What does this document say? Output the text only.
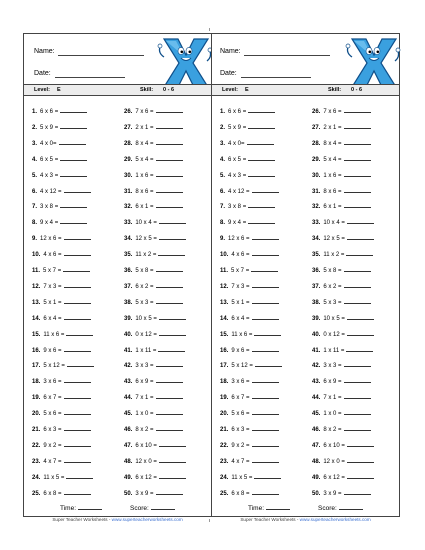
Name:
Date:
Level: E	Skill: 0 - 6
1. 6 x 6 =
2. 5 x 9 =
3. 4 x 0=
4. 6 x 5 =
5. 4 x 3 =
6. 4 x 12 =
7. 3 x 8 =
8. 9 x 4 =
9. 12 x 6 =
10. 4 x 6 =
11. 5 x 7 =
12. 7 x 3 =
13. 5 x 1 =
14. 6 x 4 =
15. 11 x 6 =
16. 9 x 6 =
17. 5 x 12 =
18. 3 x 6 =
19. 6 x 7 =
20. 5 x 6 =
21. 6 x 3 =
22. 9 x 2 =
23. 4 x 7 =
24. 11 x 5 =
25. 6 x 8 =
26. 7 x 6 =
27. 2 x 1 =
28. 8 x 4 =
29. 5 x 4 =
30. 1 x 6 =
31. 8 x 6 =
32. 6 x 1 =
33. 10 x 4 =
34. 12 x 5 =
35. 11 x 2 =
36. 5 x 8 =
37. 6 x 2 =
38. 5 x 3 =
39. 10 x 5 =
40. 0 x 12 =
41. 1 x 11 =
42. 3 x 3 =
43. 6 x 9 =
44. 7 x 1 =
45. 1 x 0 =
46. 8 x 2 =
47. 6 x 10 =
48. 12 x 0 =
49. 6 x 12 =
50. 3 x 9 =
Time:	Score:
Name:
Date:
Level: E	Skill: 0 - 6
1. 6 x 6 =
2. 5 x 9 =
3. 4 x 0=
4. 6 x 5 =
5. 4 x 3 =
6. 4 x 12 =
7. 3 x 8 =
8. 9 x 4 =
9. 12 x 6 =
10. 4 x 6 =
11. 5 x 7 =
12. 7 x 3 =
13. 5 x 1 =
14. 6 x 4 =
15. 11 x 6 =
16. 9 x 6 =
17. 5 x 12 =
18. 3 x 6 =
19. 6 x 7 =
20. 5 x 6 =
21. 6 x 3 =
22. 9 x 2 =
23. 4 x 7 =
24. 11 x 5 =
25. 6 x 8 =
26. 7 x 6 =
27. 2 x 1 =
28. 8 x 4 =
29. 5 x 4 =
30. 1 x 6 =
31. 8 x 6 =
32. 6 x 1 =
33. 10 x 4 =
34. 12 x 5 =
35. 11 x 2 =
36. 5 x 8 =
37. 6 x 2 =
38. 5 x 3 =
39. 10 x 5 =
40. 0 x 12 =
41. 1 x 11 =
42. 3 x 3 =
43. 6 x 9 =
44. 7 x 1 =
45. 1 x 0 =
46. 8 x 2 =
47. 6 x 10 =
48. 12 x 0 =
49. 6 x 12 =
50. 3 x 9 =
Time:	Score:
Super Teacher Worksheets - www.superteacherworksheets.com	Super Teacher Worksheets - www.superteacherworksheets.com
